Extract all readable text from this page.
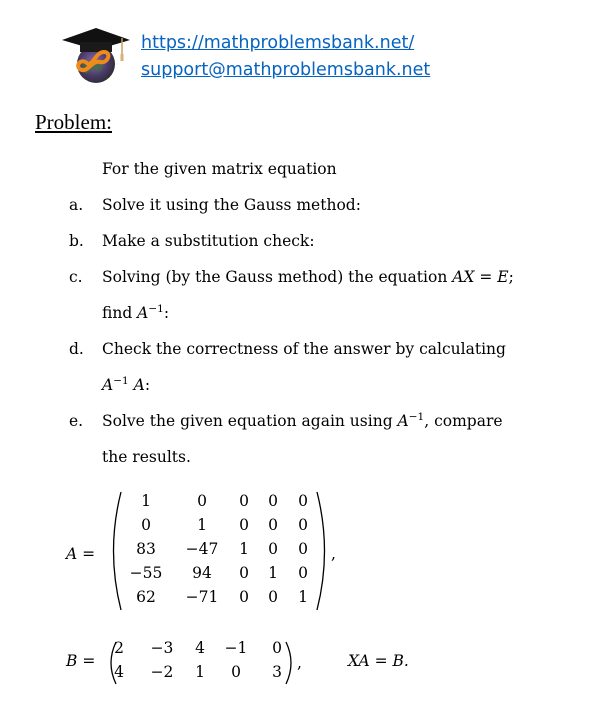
https://mathproblemsbank.net/
support@mathproblemsbank.net
Problem:
For the given matrix equation
a. Solve it using the Gauss method:
b. Make a substitution check:
c. Solving (by the Gauss method) the equation AX = E;
find $A^{-1}$:
d. Check the correctness of the answer by calculating
$A^{-1}$ A:
e. Solve the given equation again using $A^{-1}$, compare
the results.
A =
1	0	0	0	0
0	1	0	0	0
83	−47	1	0	0
−55	94	0	1	0
62	−71	0	0	1
,
B =
2	−3	4	−1	0
4	−2	1	0	3 ,	XA = B.
